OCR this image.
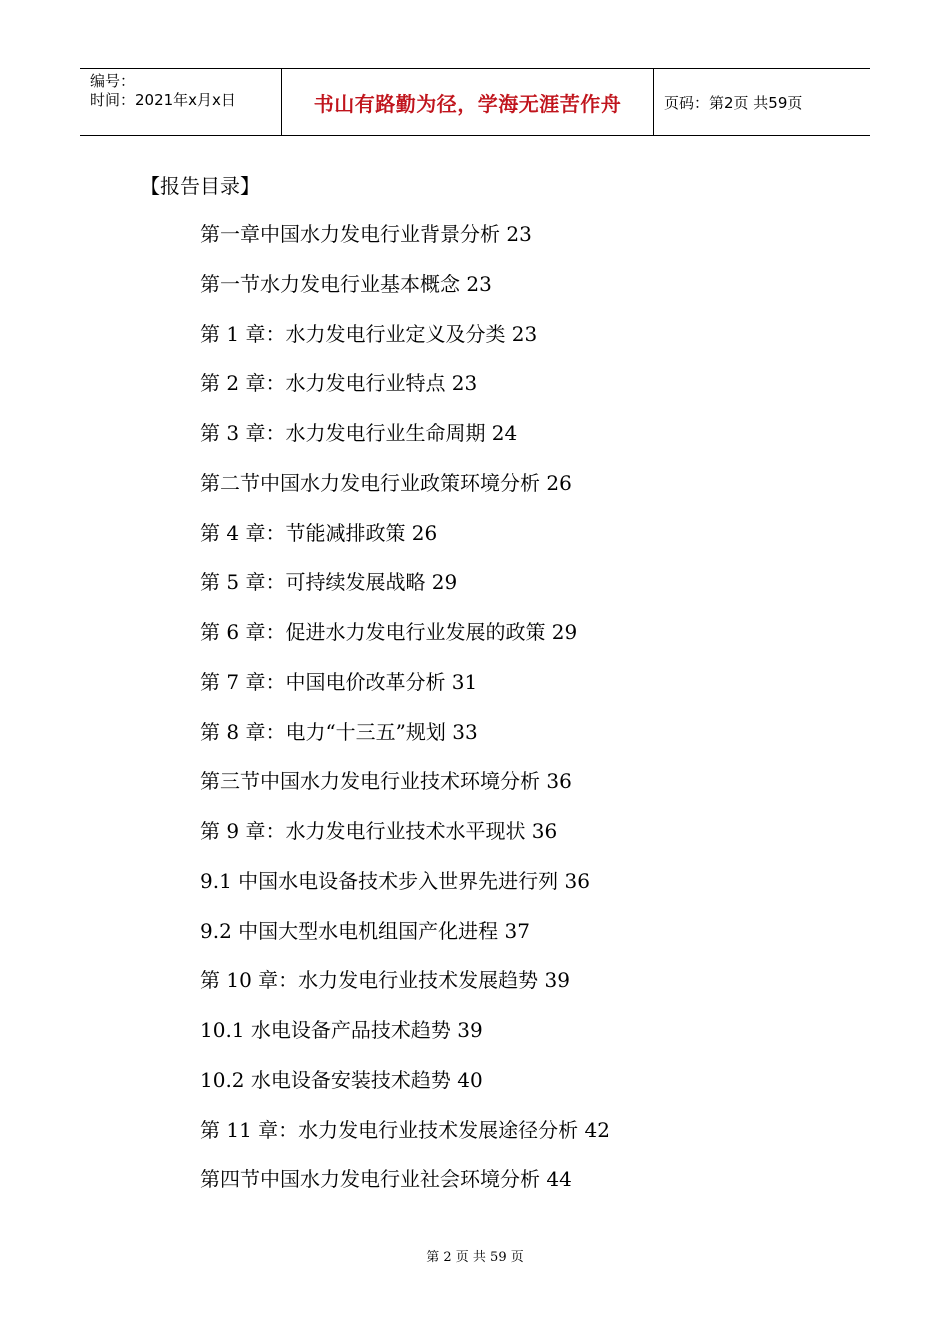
编号：
时间：2021年x月x日	书山有路勤为径，学海无涯苦作舟	页码：第2页 共59页
【报告目录】
第一章中国水力发电行业背景分析 23
第一节水力发电行业基本概念 23
第 1 章：水力发电行业定义及分类 23
第 2 章：水力发电行业特点 23
第 3 章：水力发电行业生命周期 24
第二节中国水力发电行业政策环境分析 26
第 4 章：节能减排政策 26
第 5 章：可持续发展战略 29
第 6 章：促进水力发电行业发展的政策 29
第 7 章：中国电价改革分析 31
第 8 章：电力“十三五”规划 33
第三节中国水力发电行业技术环境分析 36
第 9 章：水力发电行业技术水平现状 36
9.1 中国水电设备技术步入世界先进行列 36
9.2 中国大型水电机组国产化进程 37
第 10 章：水力发电行业技术发展趋势 39
10.1 水电设备产品技术趋势 39
10.2 水电设备安装技术趋势 40
第 11 章：水力发电行业技术发展途径分析 42
第四节中国水力发电行业社会环境分析 44
第 2 页 共 59 页
